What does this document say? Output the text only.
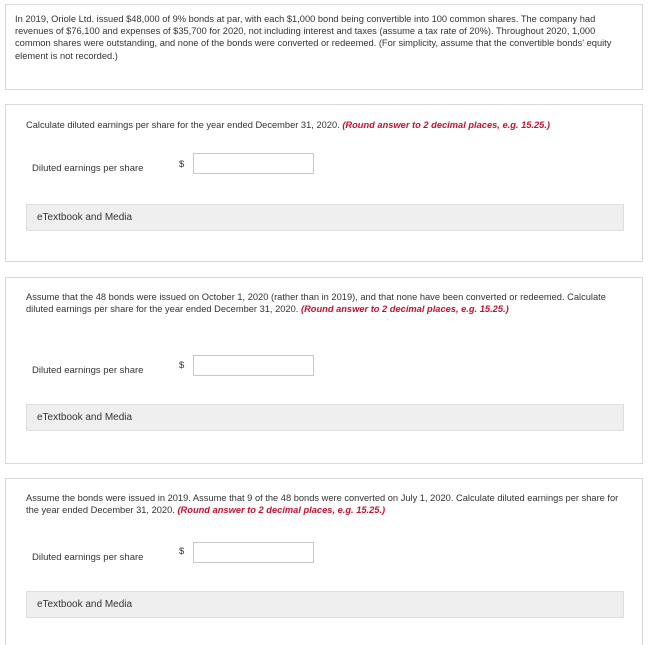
In 2019, Oriole Ltd. issued $48,000 of 9% bonds at par, with each $1,000 bond being convertible into 100 common shares. The company had revenues of $76,100 and expenses of $35,700 for 2020, not including interest and taxes (assume a tax rate of 20%). Throughout 2020, 1,000 common shares were outstanding, and none of the bonds were converted or redeemed. (For simplicity, assume that the convertible bonds' equity element is not recorded.)
Calculate diluted earnings per share for the year ended December 31, 2020. (Round answer to 2 decimal places, e.g. 15.25.)
Diluted earnings per share	$
eTextbook and Media
Assume that the 48 bonds were issued on October 1, 2020 (rather than in 2019), and that none have been converted or redeemed. Calculate diluted earnings per share for the year ended December 31, 2020. (Round answer to 2 decimal places, e.g. 15.25.)
Diluted earnings per share	$
eTextbook and Media
Assume the bonds were issued in 2019. Assume that 9 of the 48 bonds were converted on July 1, 2020. Calculate diluted earnings per share for the year ended December 31, 2020. (Round answer to 2 decimal places, e.g. 15.25.)
Diluted earnings per share
$
eTextbook and Media
